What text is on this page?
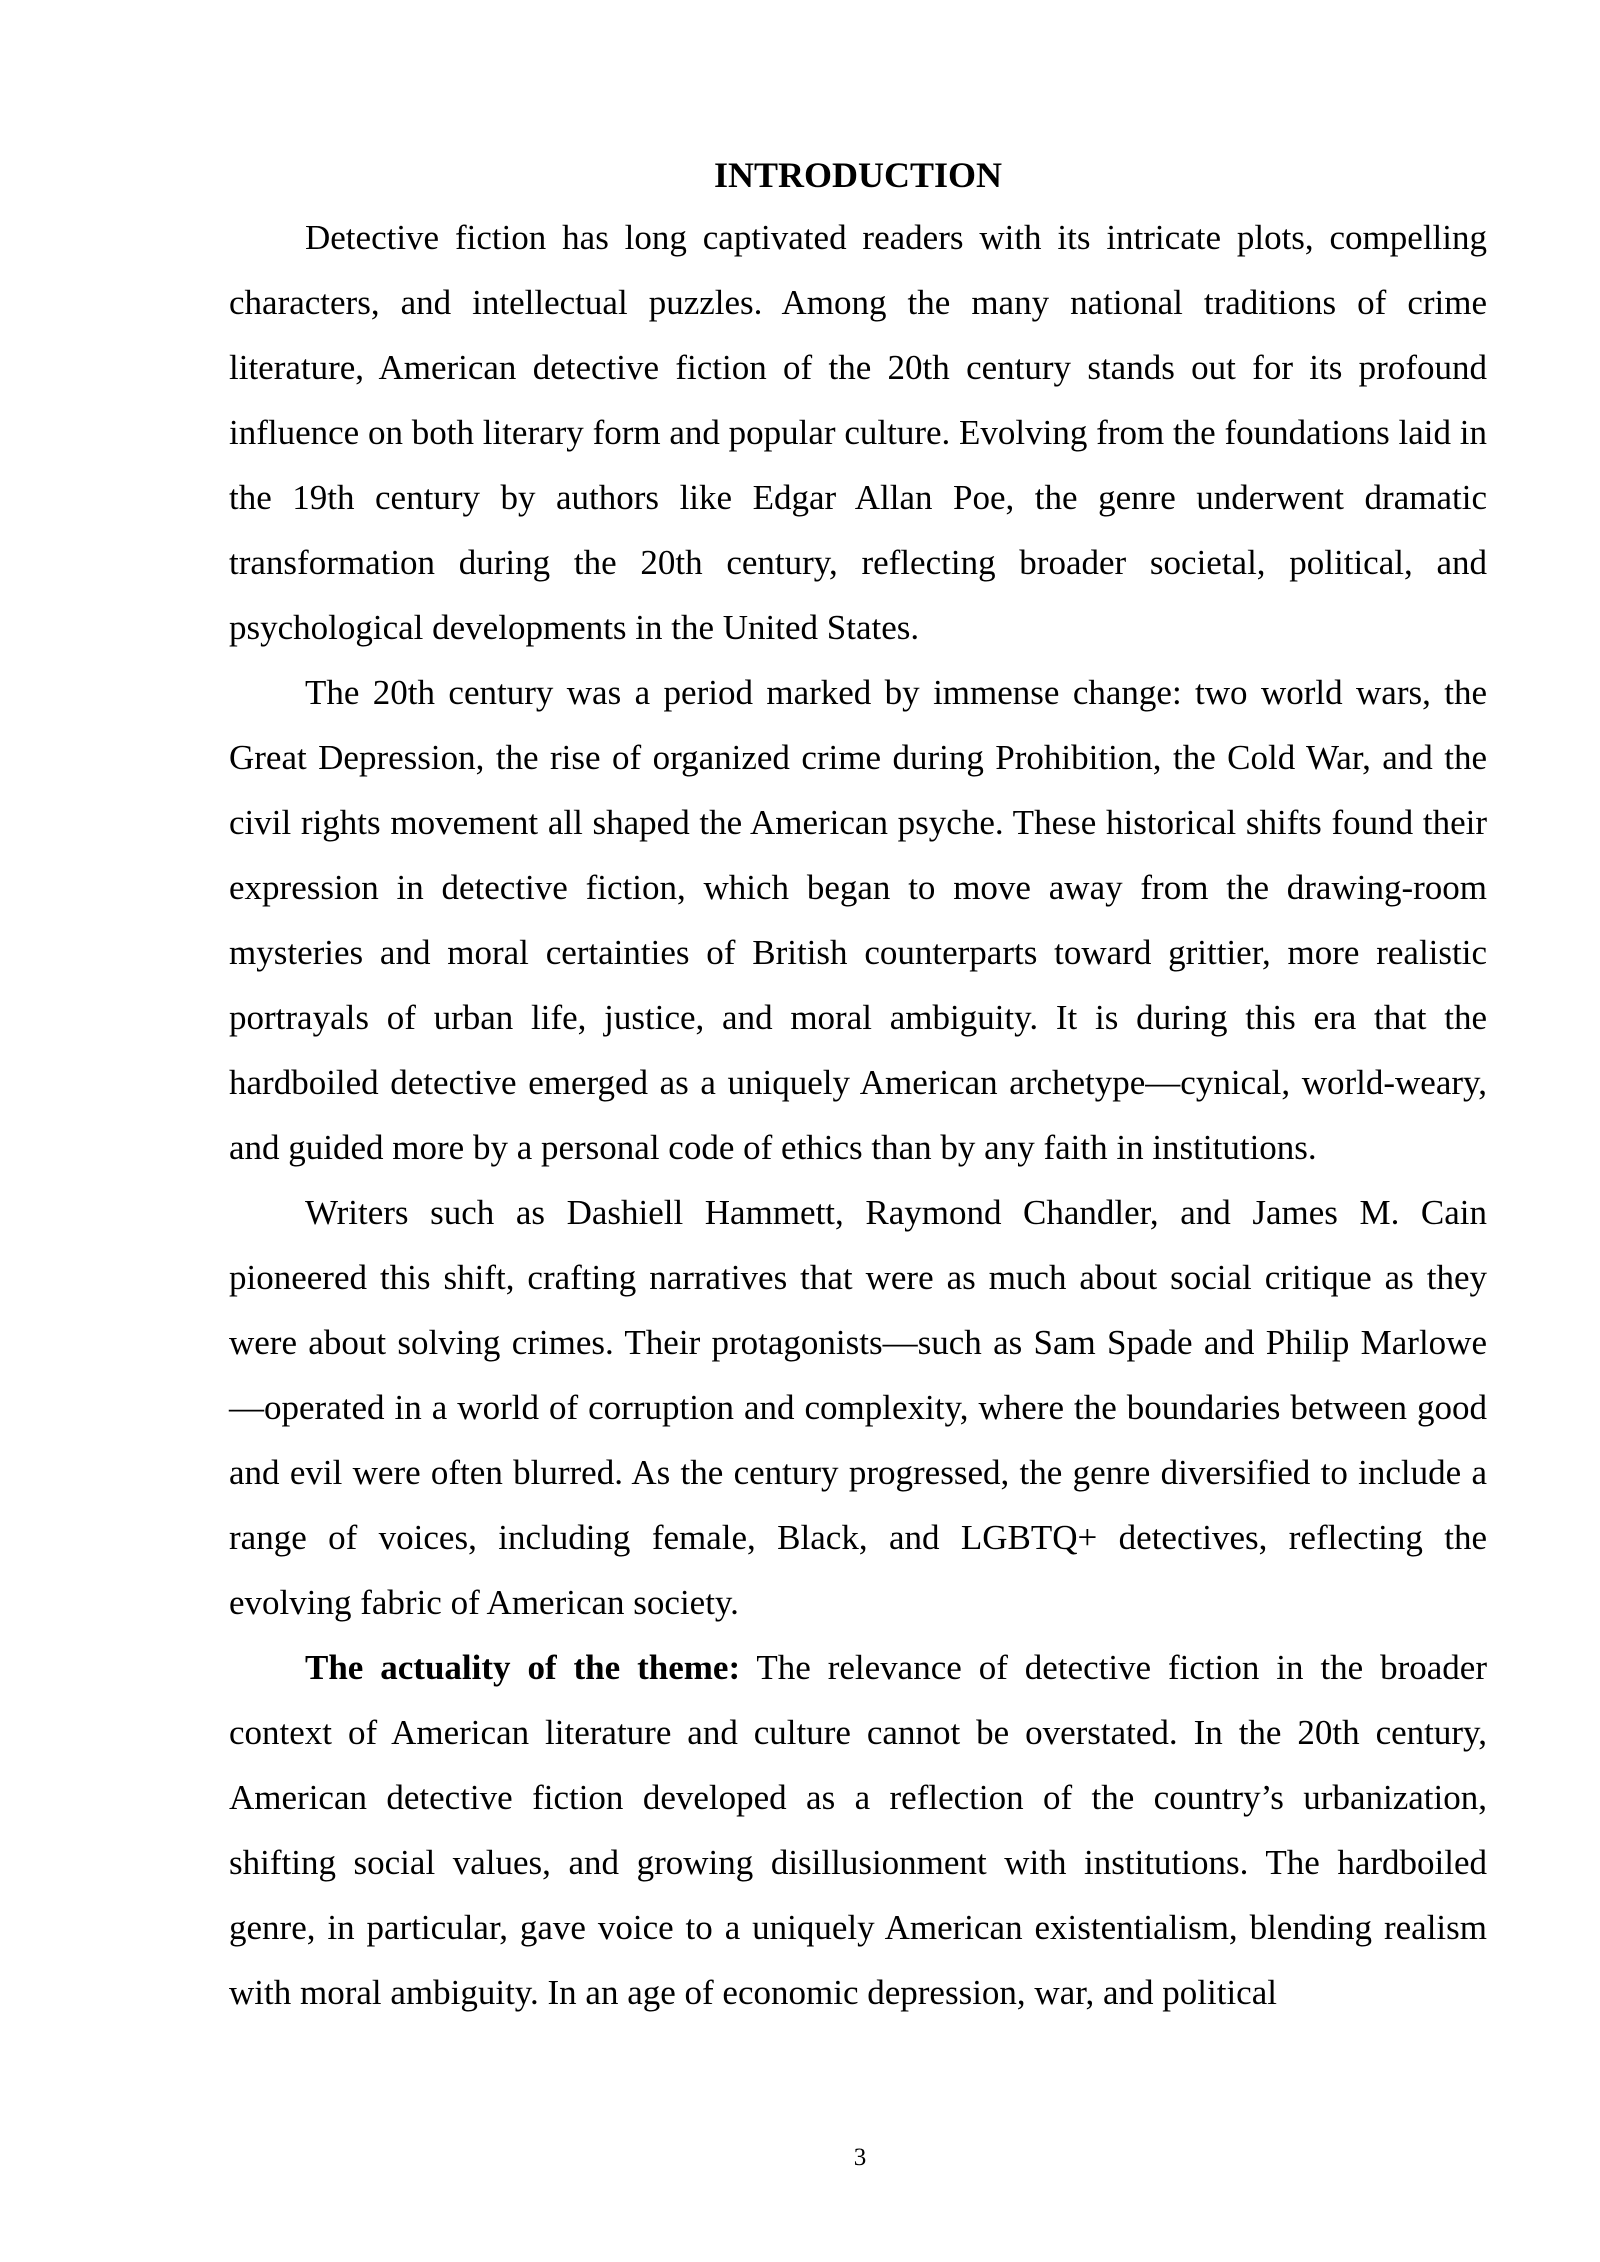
INTRODUCTION

Detective fiction has long captivated readers with its intricate plots, compelling characters, and intellectual puzzles. Among the many national traditions of crime literature, American detective fiction of the 20th century stands out for its profound influence on both literary form and popular culture. Evolving from the foundations laid in the 19th century by authors like Edgar Allan Poe, the genre underwent dramatic transformation during the 20th century, reflecting broader societal, political, and psychological developments in the United States.

The 20th century was a period marked by immense change: two world wars, the Great Depression, the rise of organized crime during Prohibition, the Cold War, and the civil rights movement all shaped the American psyche. These historical shifts found their expression in detective fiction, which began to move away from the drawing-room mysteries and moral certainties of British counterparts toward grittier, more realistic portrayals of urban life, justice, and moral ambiguity. It is during this era that the hardboiled detective emerged as a uniquely American archetype—cynical, world-weary, and guided more by a personal code of ethics than by any faith in institutions.

Writers such as Dashiell Hammett, Raymond Chandler, and James M. Cain pioneered this shift, crafting narratives that were as much about social critique as they were about solving crimes. Their protagonists—such as Sam Spade and Philip Marlowe—operated in a world of corruption and complexity, where the boundaries between good and evil were often blurred. As the century progressed, the genre diversified to include a range of voices, including female, Black, and LGBTQ+ detectives, reflecting the evolving fabric of American society.

The actuality of the theme: The relevance of detective fiction in the broader context of American literature and culture cannot be overstated. In the 20th century, American detective fiction developed as a reflection of the country’s urbanization, shifting social values, and growing disillusionment with institutions. The hardboiled genre, in particular, gave voice to a uniquely American existentialism, blending realism with moral ambiguity. In an age of economic depression, war, and political

3
